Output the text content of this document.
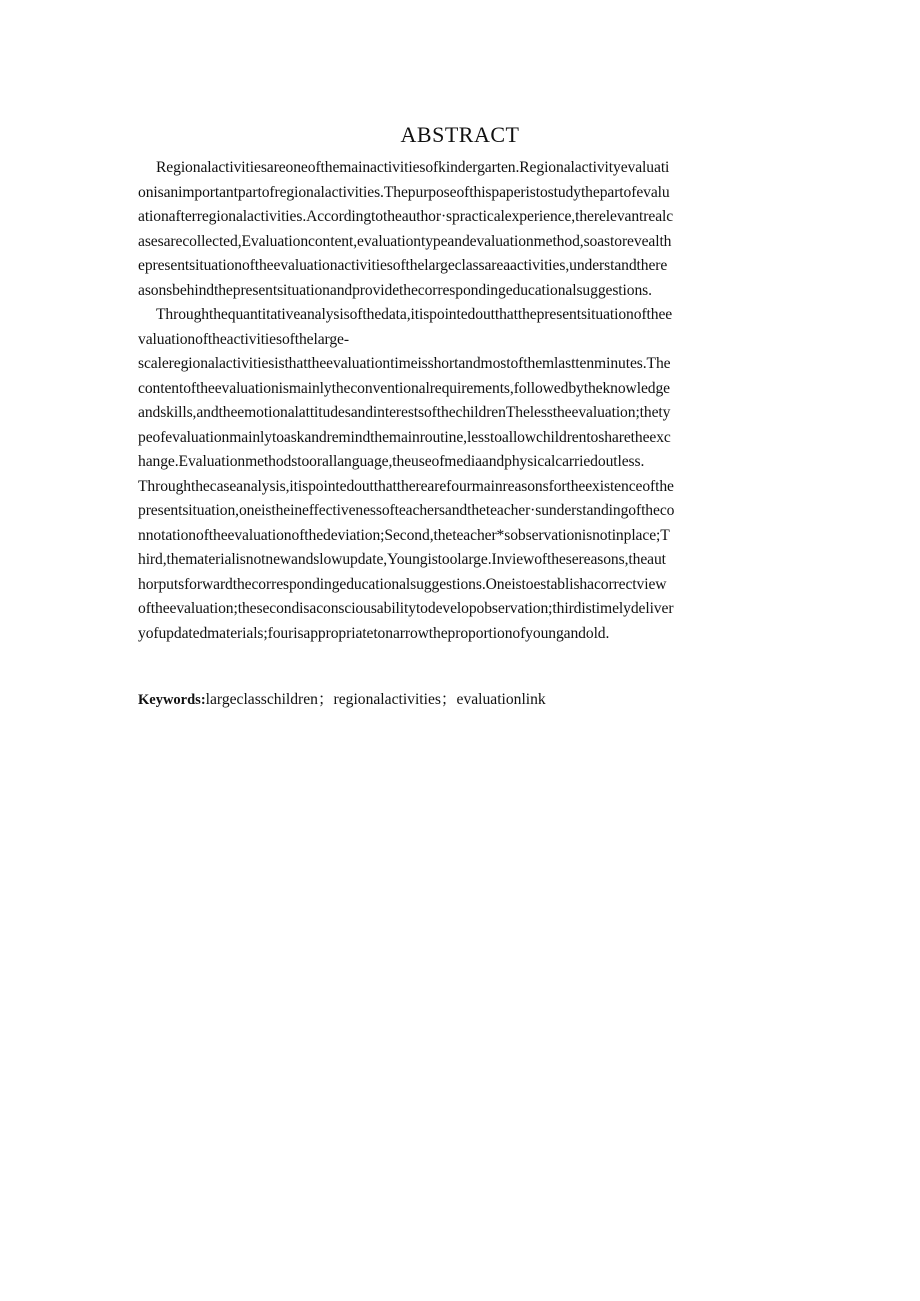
ABSTRACT
Regionalactivitiesareoneofthemainactivitiesofkindergarten.Regionalactivityevaluati
onisanimportantpartofregionalactivities.Thepurposeofthispaperistostudythepartofevalu
ationafterregionalactivities.Accordingtotheauthor·spracticalexperience,therelevantrealc
asesarecollected,Evaluationcontent,evaluationtypeandevaluationmethod,soastorevealth
epresentsituationoftheevaluationactivitiesofthelargeclassareaactivities,understandthere
asonsbehindthepresentsituationandprovidethecorrespondingeducationalsuggestions.
Throughthequantitativeanalysisofthedata,itispointedoutthatthepresentsituationofthee
valuationoftheactivitiesofthelarge-
scaleregionalactivitiesisthattheevaluationtimeisshortandmostofthemlasttenminutes.The
contentoftheevaluationismainlytheconventionalrequirements,followedbytheknowledge
andskills,andtheemotionalattitudesandinterestsofthechildrenThelesstheevaluation;thety
peofevaluationmainlytoaskandremindthemainroutine,lesstoallowchildrentosharetheexc
hange.Evaluationmethodstoorallanguage,theuseofmediaandphysicalcarriedoutless.
Throughthecaseanalysis,itispointedoutthattherearefourmainreasonsfortheexistenceofthe
presentsituation,oneistheineffectivenessofteachersandtheteacher·sunderstandingoftheco
nnotationoftheevaluationofthedeviation;Second,theteacher*sobservationisnotinplace;T
hird,thematerialisnotnewandslowupdate,Youngistoolarge.Inviewofthesereasons,theaut
horputsforwardthecorrespondingeducationalsuggestions.Oneistoestablishacorrectview
oftheevaluation;thesecondisaconsciousabilitytodevelopobservation;thirdistimelydeliver
yofupdatedmaterials;fourisappropriatetonarrowtheproportionofyoungandold.
Keywords:largeclasschildren；regionalactivities；evaluationlink
